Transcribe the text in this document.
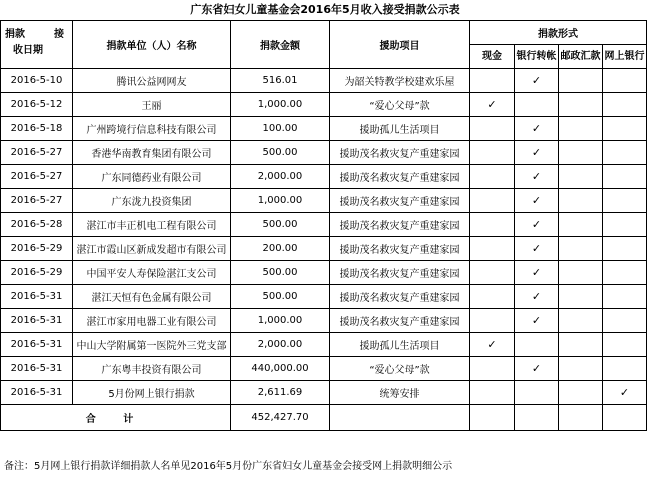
广东省妇女儿童基金会2016年5月收入接受捐款公示表
捐款 接
收日期	捐款单位（人）名称	捐款金额	援助项目	捐款形式			
				现金	银行转帐	邮政汇款	网上银行
2016-5-10	腾讯公益网网友	516.01	为韶关特教学校建欢乐屋		✓		
2016-5-12	王丽	1,000.00	“爱心父母”款	✓			
2016-5-18	广州跨境行信息科技有限公司	100.00	援助孤儿生活项目		✓		
2016-5-27	香港华南教育集团有限公司	500.00	援助茂名救灾复产重建家园		✓		
2016-5-27	广东同德药业有限公司	2,000.00	援助茂名救灾复产重建家园		✓		
2016-5-27	广东泷九投资集团	1,000.00	援助茂名救灾复产重建家园		✓		
2016-5-28	湛江市丰正机电工程有限公司	500.00	援助茂名救灾复产重建家园		✓		
2016-5-29	湛江市霞山区新成发超市有限公司	200.00	援助茂名救灾复产重建家园		✓		
2016-5-29	中国平安人寿保险湛江支公司	500.00	援助茂名救灾复产重建家园		✓		
2016-5-31	湛江天恒有色金属有限公司	500.00	援助茂名救灾复产重建家园		✓		
2016-5-31	湛江市家用电器工业有限公司	1,000.00	援助茂名救灾复产重建家园		✓		
2016-5-31	中山大学附属第一医院外三党支部	2,000.00	援助孤儿生活项目	✓			
2016-5-31	广东粤丰投资有限公司	440,000.00	“爱心父母”款		✓		
2016-5-31	5月份网上银行捐款	2,611.69	统筹安排				✓
合 计		452,427.70					
备注：5月网上银行捐款详细捐款人名单见2016年5月份广东省妇女儿童基金会接受网上捐款明细公示
